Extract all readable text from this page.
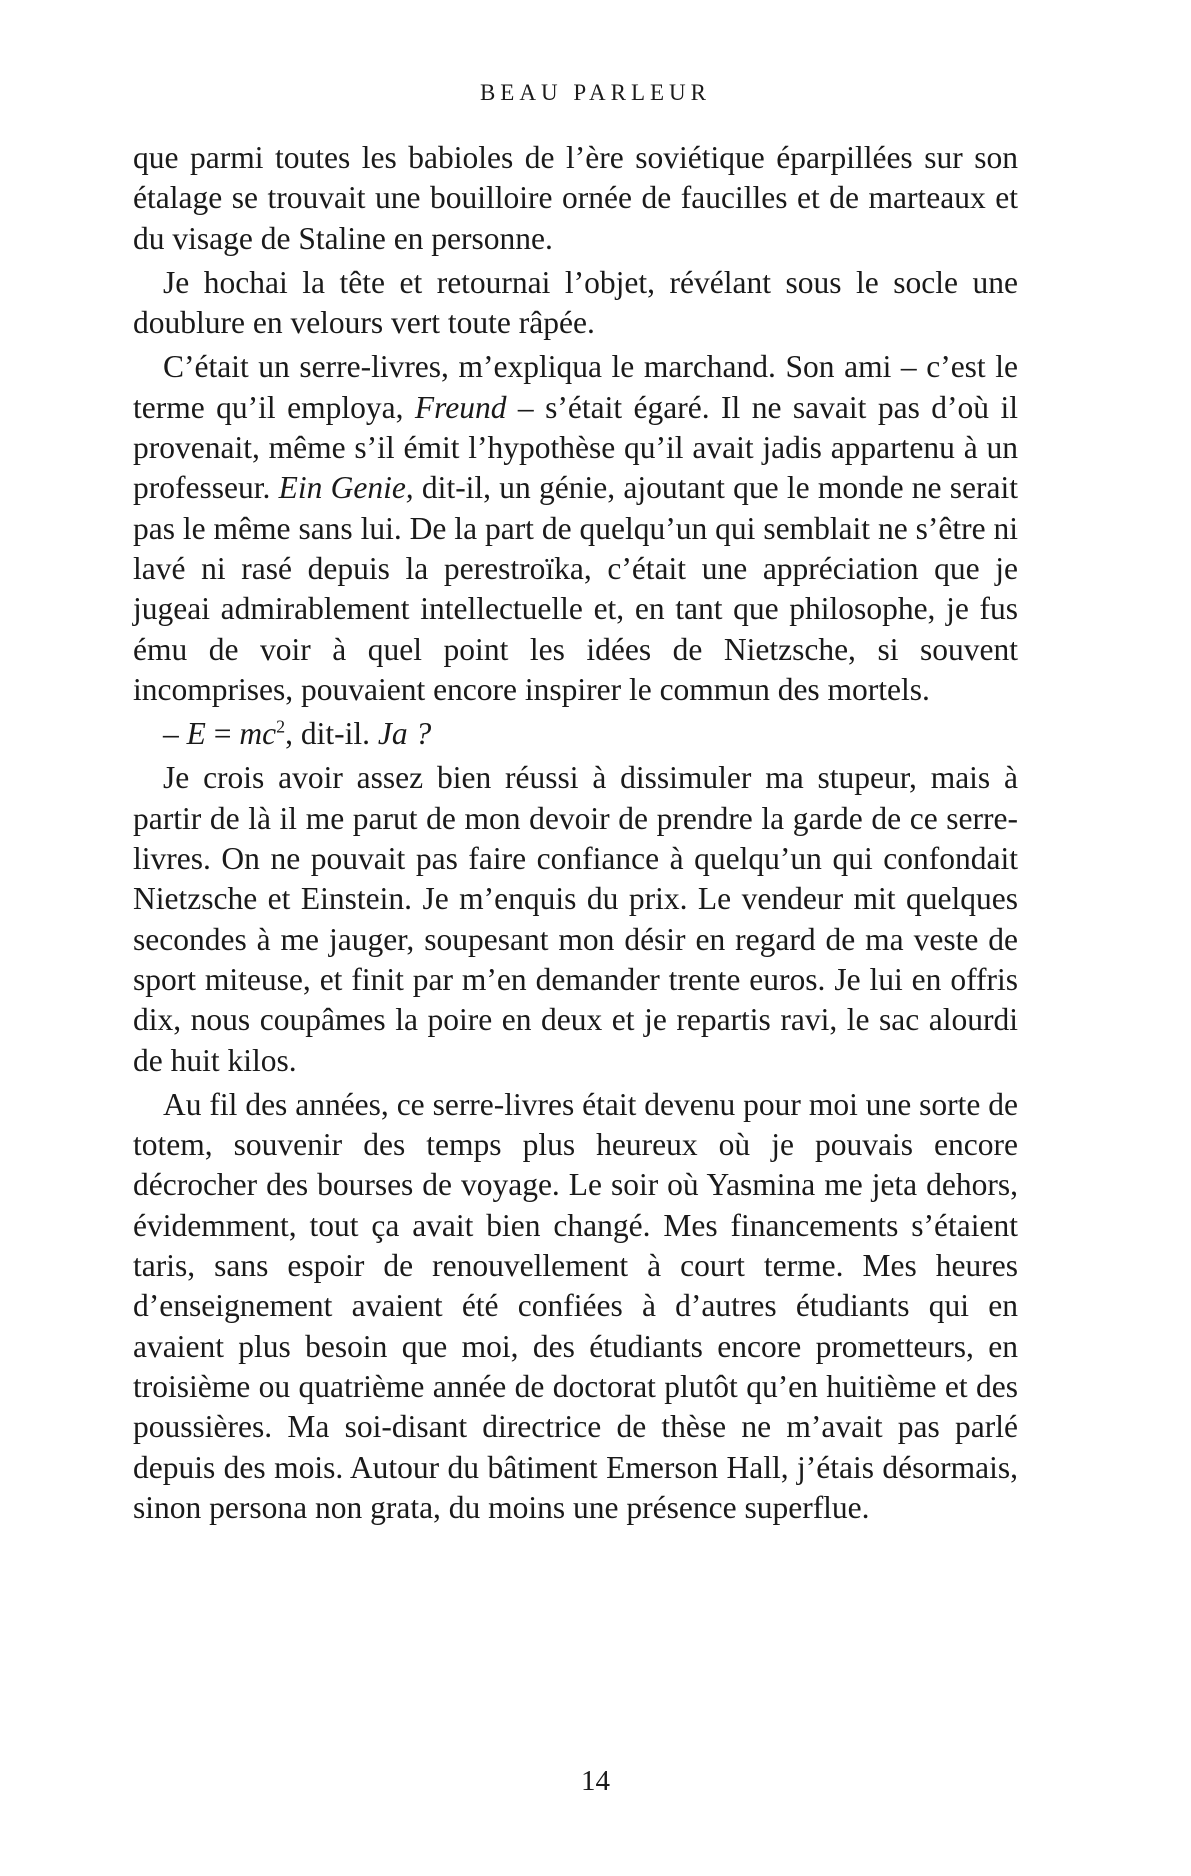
BEAU PARLEUR

que parmi toutes les babioles de l’ère soviétique éparpillées sur son étalage se trouvait une bouilloire ornée de faucilles et de marteaux et du visage de Staline en personne.

Je hochai la tête et retournai l’objet, révélant sous le socle une doublure en velours vert toute râpée.

C’était un serre-livres, m’expliqua le marchand. Son ami – c’est le terme qu’il employa, Freund – s’était égaré. Il ne savait pas d’où il provenait, même s’il émit l’hypothèse qu’il avait jadis appartenu à un professeur. Ein Genie, dit-il, un génie, ajoutant que le monde ne serait pas le même sans lui. De la part de quelqu’un qui semblait ne s’être ni lavé ni rasé depuis la perestroïka, c’était une appréciation que je jugeai admirablement intellectuelle et, en tant que philosophe, je fus ému de voir à quel point les idées de Nietzsche, si souvent incomprises, pouvaient encore inspirer le commun des mortels.

– $E = mc^2$, dit-il. Ja ?

Je crois avoir assez bien réussi à dissimuler ma stupeur, mais à partir de là il me parut de mon devoir de prendre la garde de ce serre-livres. On ne pouvait pas faire confiance à quelqu’un qui confondait Nietzsche et Einstein. Je m’enquis du prix. Le vendeur mit quelques secondes à me jauger, soupesant mon désir en regard de ma veste de sport miteuse, et finit par m’en demander trente euros. Je lui en offris dix, nous coupâmes la poire en deux et je repartis ravi, le sac alourdi de huit kilos.

Au fil des années, ce serre-livres était devenu pour moi une sorte de totem, souvenir des temps plus heureux où je pouvais encore décrocher des bourses de voyage. Le soir où Yasmina me jeta dehors, évidemment, tout ça avait bien changé. Mes financements s’étaient taris, sans espoir de renouvellement à court terme. Mes heures d’enseignement avaient été confiées à d’autres étudiants qui en avaient plus besoin que moi, des étudiants encore prometteurs, en troisième ou quatrième année de doctorat plutôt qu’en huitième et des poussières. Ma soi-disant directrice de thèse ne m’avait pas parlé depuis des mois. Autour du bâtiment Emerson Hall, j’étais désormais, sinon persona non grata, du moins une présence superflue.

14
